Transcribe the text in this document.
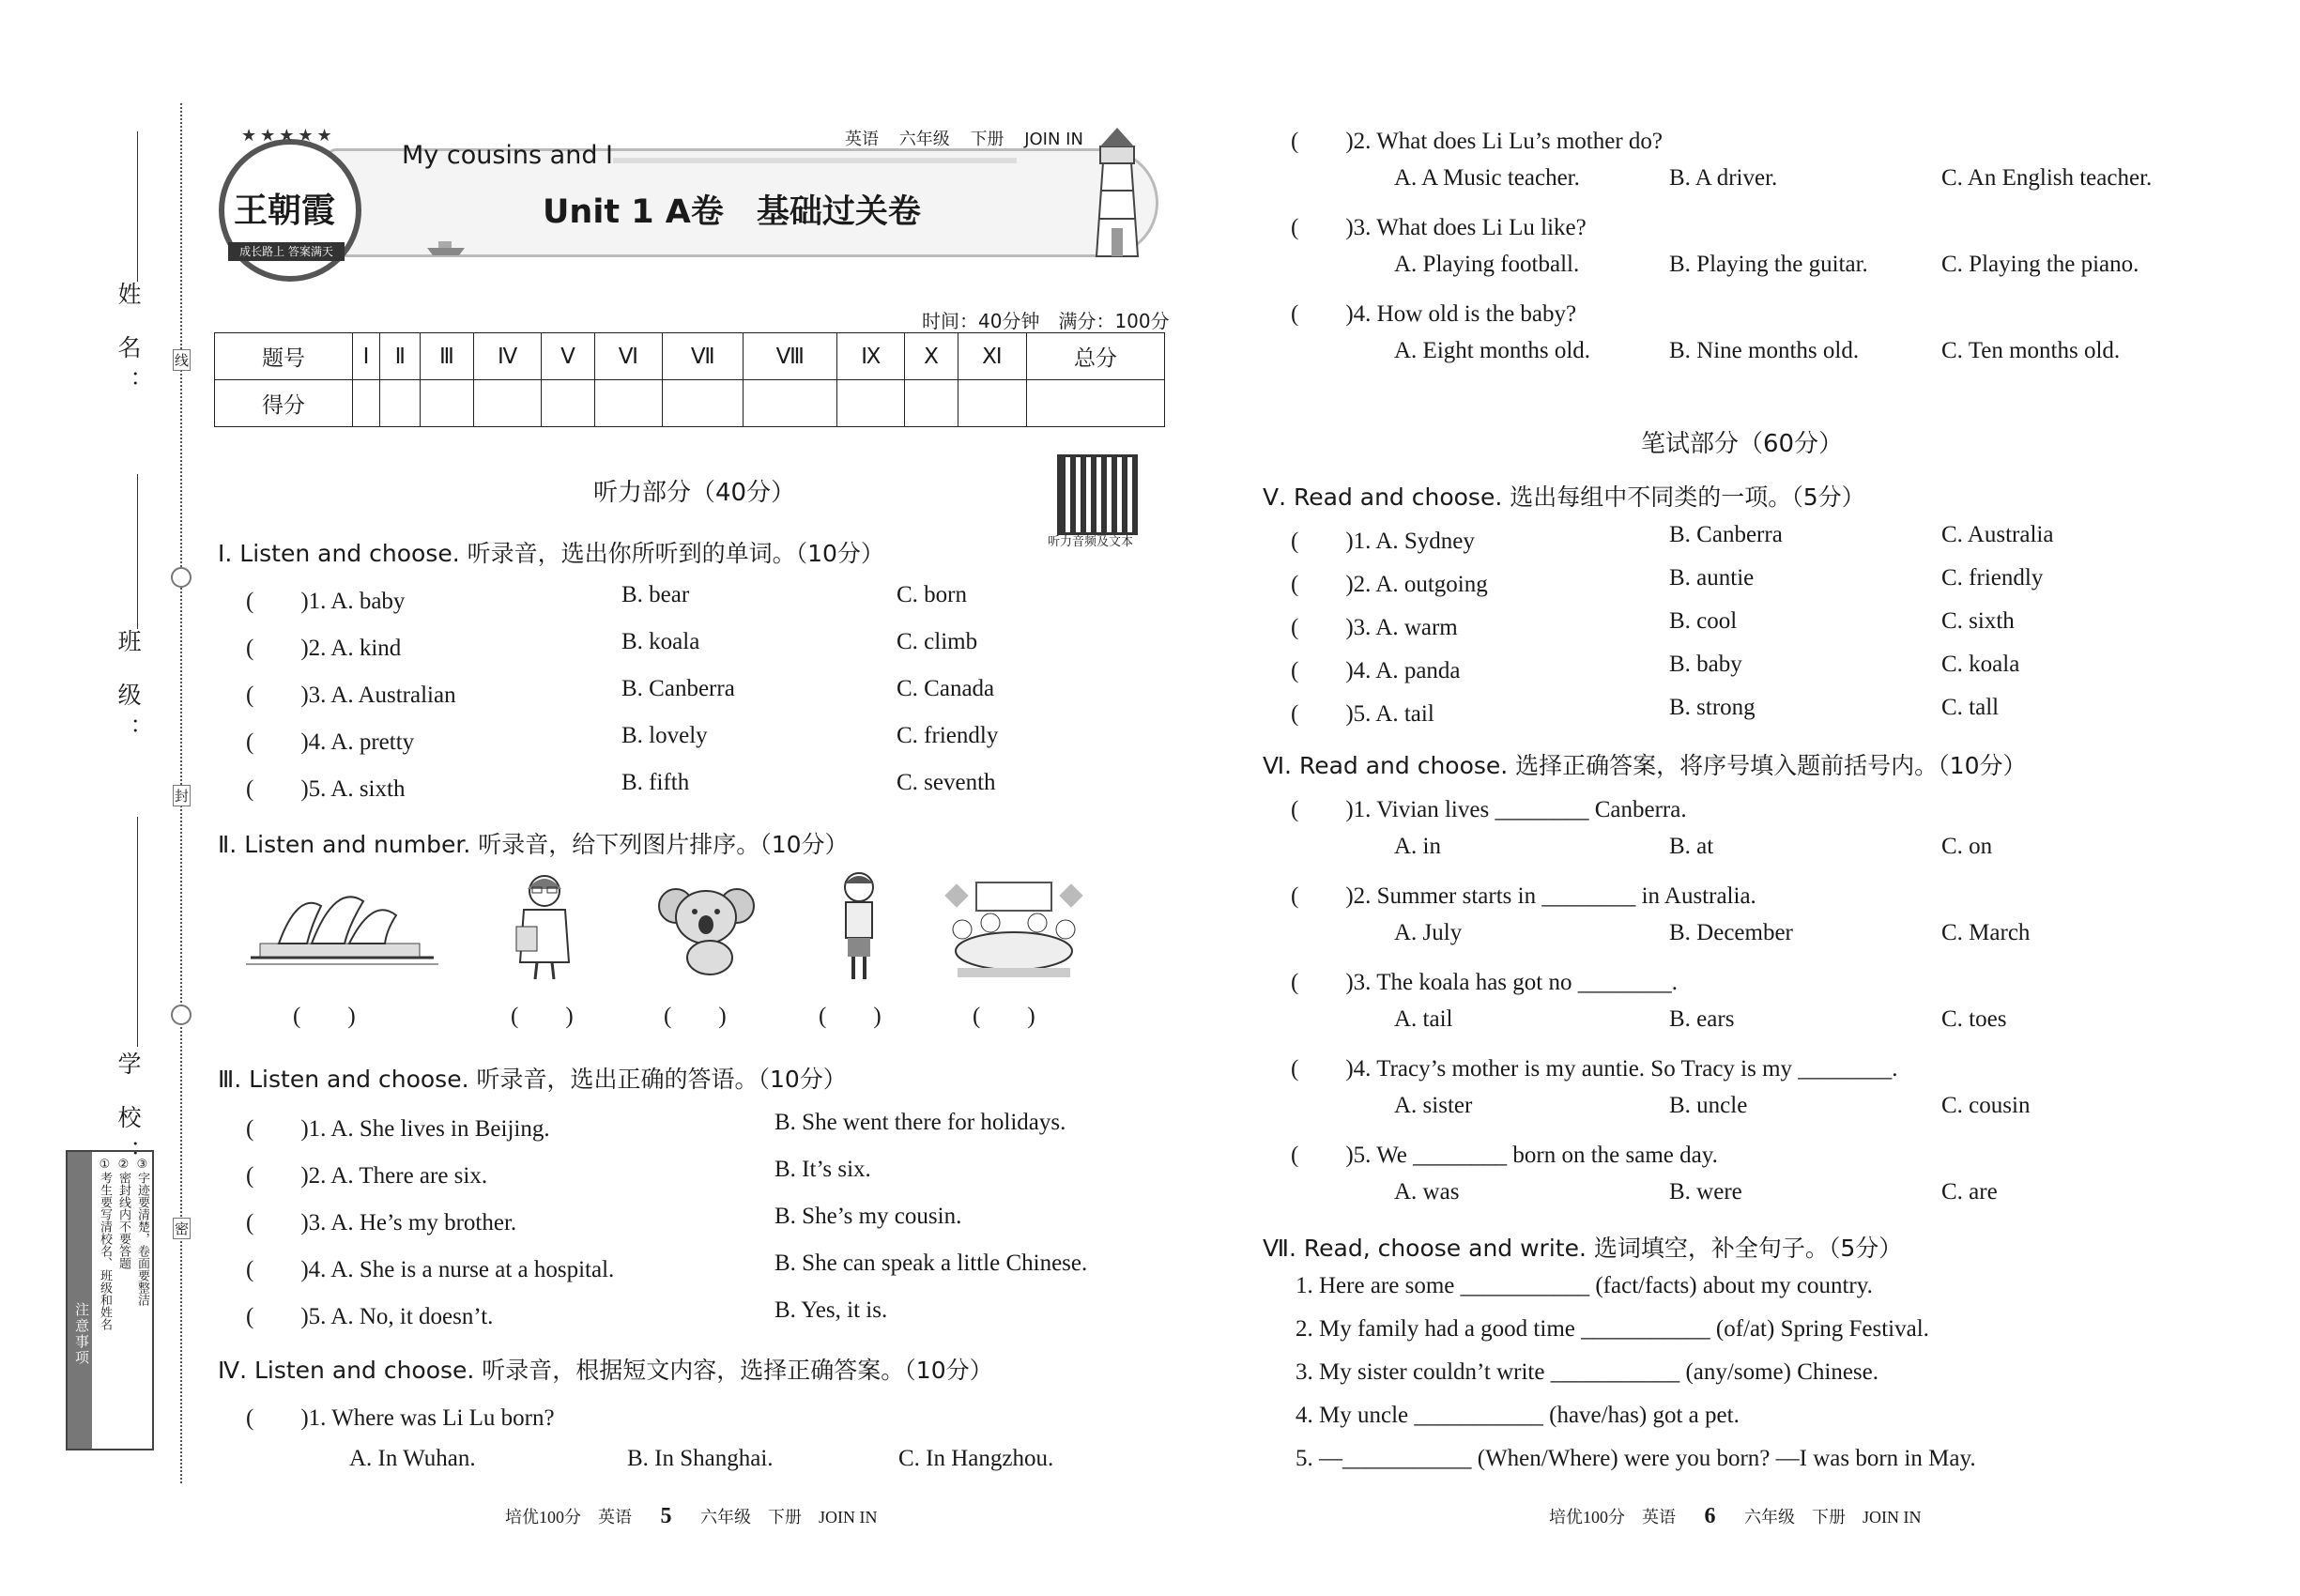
姓 名：
班 级：
学 校：
线
封
密
注意事项
①考生要写清校名、班级和姓名 ②密封线内不要答题 ③字迹要清楚，卷面要整洁
★★★★★
王朝霞
成长路上 答案满天
My cousins and I
英语 六年级 下册 JOIN IN
Unit 1 A卷　基础过关卷
时间：40分钟　满分：100分
题号	Ⅰ	Ⅱ	Ⅲ	Ⅳ	Ⅴ	Ⅵ	Ⅶ	Ⅷ	Ⅸ	Ⅹ	Ⅺ	总分
得分												
听力部分（40分）
听力音频及文本
Ⅰ. Listen and choose. 听录音，选出你所听到的单词。（10分）
(　　)1. A. baby	B. bear	C. born
(　　)2. A. kind	B. koala	C. climb
(　　)3. A. Australian	B. Canberra	C. Canada
(　　)4. A. pretty	B. lovely	C. friendly
(　　)5. A. sixth	B. fifth	C. seventh
Ⅱ. Listen and number. 听录音，给下列图片排序。（10分）
(　　)	(　　)	(　　)	(　　)	(　　)
Ⅲ. Listen and choose. 听录音，选出正确的答语。（10分）
(　　)1. A. She lives in Beijing.	B. She went there for holidays.
(　　)2. A. There are six.	B. It’s six.
(　　)3. A. He’s my brother.	B. She’s my cousin.
(　　)4. A. She is a nurse at a hospital.	B. She can speak a little Chinese.
(　　)5. A. No, it doesn’t.	B. Yes, it is.
Ⅳ. Listen and choose. 听录音，根据短文内容，选择正确答案。（10分）
(　　)1. Where was Li Lu born?
A. In Wuhan.	B. In Shanghai.	C. In Hangzhou.
(　　)2. What does Li Lu’s mother do?
A. A Music teacher.	B. A driver.	C. An English teacher.
(　　)3. What does Li Lu like?
A. Playing football.	B. Playing the guitar.	C. Playing the piano.
(　　)4. How old is the baby?
A. Eight months old.	B. Nine months old.	C. Ten months old.
笔试部分（60分）
Ⅴ. Read and choose. 选出每组中不同类的一项。（5分）
(　　)1. A. Sydney	B. Canberra	C. Australia
(　　)2. A. outgoing	B. auntie	C. friendly
(　　)3. A. warm	B. cool	C. sixth
(　　)4. A. panda	B. baby	C. koala
(　　)5. A. tail	B. strong	C. tall
Ⅵ. Read and choose. 选择正确答案，将序号填入题前括号内。（10分）
(　　)1. Vivian lives ________ Canberra.
A. in	B. at	C. on
(　　)2. Summer starts in ________ in Australia.
A. July	B. December	C. March
(　　)3. The koala has got no ________.
A. tail	B. ears	C. toes
(　　)4. Tracy’s mother is my auntie. So Tracy is my ________.
A. sister	B. uncle	C. cousin
(　　)5. We ________ born on the same day.
A. was	B. were	C. are
Ⅶ. Read, choose and write. 选词填空，补全句子。（5分）
1. Here are some ___________ (fact/facts) about my country.
2. My family had a good time ___________ (of/at) Spring Festival.
3. My sister couldn’t write ___________ (any/some) Chinese.
4. My uncle ___________ (have/has) got a pet.
5. —___________ (When/Where) were you born? —I was born in May.
培优100分　英语 5 六年级　下册　JOIN IN	培优100分　英语 6 六年级　下册　JOIN IN
